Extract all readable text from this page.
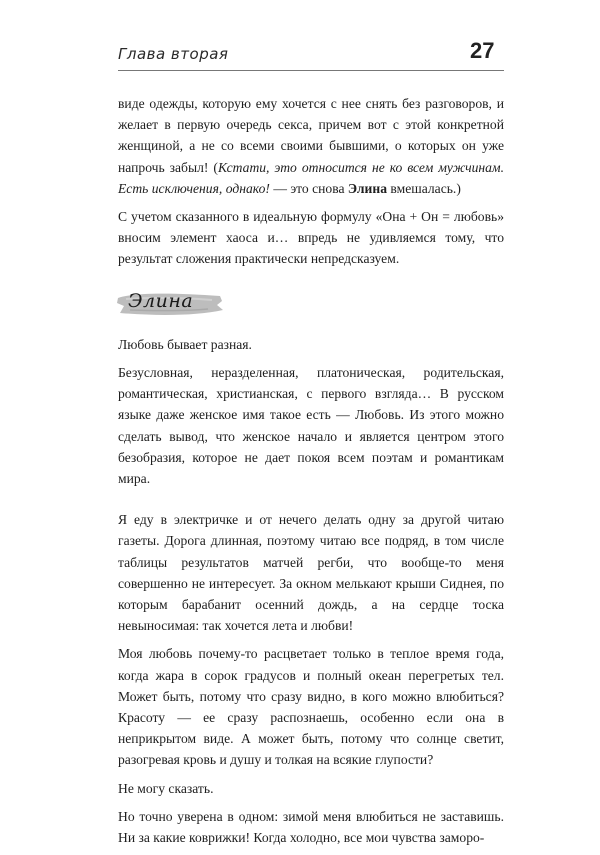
Глава вторая	27

виде одежды, которую ему хочется с нее снять без разговоров, и желает в первую очередь секса, причем вот с этой конкретной женщиной, а не со всеми своими бывшими, о которых он уже напрочь забыл! (Кстати, это относится не ко всем мужчинам. Есть исключения, однако! — это снова Элина вмешалась.)

С учетом сказанного в идеальную формулу «Она + Он = любовь» вносим элемент хаоса и… впредь не удивляемся тому, что результат сложения практически непредсказуем.

Элина

Любовь бывает разная.

Безусловная, неразделенная, платоническая, родительская, романтическая, христианская, с первого взгляда… В русском языке даже женское имя такое есть — Любовь. Из этого можно сделать вывод, что женское начало и является центром этого безобразия, которое не дает покоя всем поэтам и романтикам мира.

Я еду в электричке и от нечего делать одну за другой читаю газеты. Дорога длинная, поэтому читаю все подряд, в том числе таблицы результатов матчей регби, что вообще-то меня совершенно не интересует. За окном мелькают крыши Сиднея, по которым барабанит осенний дождь, а на сердце тоска невыносимая: так хочется лета и любви!

Моя любовь почему-то расцветает только в теплое время года, когда жара в сорок градусов и полный океан перегретых тел. Может быть, потому что сразу видно, в кого можно влюбиться? Красоту — ее сразу распознаешь, особенно если она в неприкрытом виде. А может быть, потому что солнце светит, разогревая кровь и душу и толкая на всякие глупости?

Не могу сказать.

Но точно уверена в одном: зимой меня влюбиться не заставишь. Ни за какие коврижки! Когда холодно, все мои чувства заморо-
